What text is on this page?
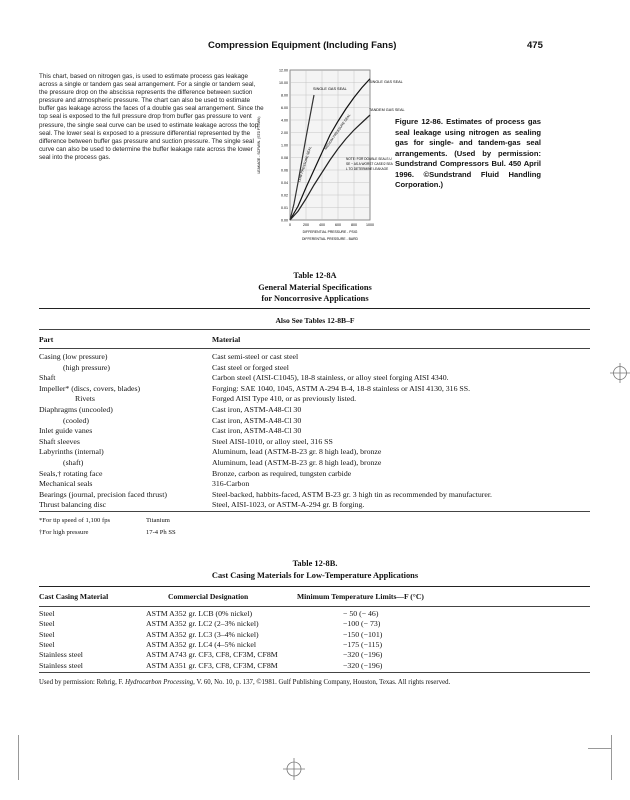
Compression Equipment (Including Fans)	475
This chart, based on nitrogen gas, is used to estimate process gas leakage across a single or tandem gas seal arrangement. For a single or tandem seal, the pressure drop on the abscissa represents the difference between suction pressure and atmospheric pressure. The chart can also be used to estimate buffer gas leakage across the faces of a double gas seal arrangement. Since the top seal is exposed to the full pressure drop from buffer gas pressure to vent pressure, the single seal curve can be used to estimate leakage across the top seal. The lower seal is exposed to a pressure differential represented by the difference between buffer gas pressure and suction pressure. The single seal curve can also be used to determine the buffer leakage rate across the lower seal into the process gas.
0.00
0.01
0.02
0.04
0.06
0.08
1.00
2.00
4.00
6.00
8.00
10.00
12.00
0	200	400	600	800	1000
DIFFERENTIAL PRESSURE - PSIG
DIFFERENTIAL PRESSURE - BARD
LEAKAGE - SCFM/IN. (STD FT³/MIN)
SINGLE GAS SEAL
SINGLE GAS SEAL
TANDEM GAS SEAL
LOW PRESSURE SEAL
MEDIUM PRESSURE SEAL
NOTE: FOR DOUBLE SEALS U
SE ~ AS A WORST CASE/2 SEA
L TO DETERMINE LEAKAGE
Figure 12-86. Estimates of process gas seal leakage using nitrogen as sealing gas for single- and tandem-gas seal arrangements. (Used by permission: Sundstrand Compressors Bul. 450 April 1996. ©Sundstrand Fluid Handling Corporation.)
Table 12-8A
General Material Specifications
for Noncorrosive Applications
Also See Tables 12-8B–F
Part	Material
Casing (low pressure)	Cast semi-steel or cast steel
(high pressure)	Cast steel or forged steel
Shaft	Carbon steel (AISI-C1045), 18-8 stainless, or alloy steel forging AISI 4340.
Impeller* (discs, covers, blades)	Forging: SAE 1040, 1045, ASTM A-294 B-4, 18-8 stainless or AISI 4130, 316 SS.
Rivets	Forged AISI Type 410, or as previously listed.
Diaphragms (uncooled)	Cast iron, ASTM-A48-Cl 30
(cooled)	Cast iron, ASTM-A48-Cl 30
Inlet guide vanes	Cast iron, ASTM-A48-Cl 30
Shaft sleeves	Steel AISI-1010, or alloy steel, 316 SS
Labyrinths (internal)	Aluminum, lead (ASTM-B-23 gr. 8 high lead), bronze
(shaft)	Aluminum, lead (ASTM-B-23 gr. 8 high lead), bronze
Seals,† rotating face	Bronze, carbon as required, tungsten carbide
Mechanical seals	316-Carbon
Bearings (journal, precision faced thrust)	Steel-backed, habbits-faced, ASTM B-23 gr. 3 high tin as recommended by manufacturer.
Thrust balancing disc	Steel, AISI-1023, or ASTM-A-294 gr. B forging.
*For tip speed of 1,100 fps	Titanium
†For high pressure	17-4 Ph SS
Table 12-8B.
Cast Casing Materials for Low-Temperature Applications
Cast Casing Material	Commercial Designation	Minimum Temperature Limits—F (°C)
Steel	ASTM A352 gr. LCB (0% nickel)	− 50 (− 46)
Steel	ASTM A352 gr. LC2 (2–3% nickel)	−100 (− 73)
Steel	ASTM A352 gr. LC3 (3–4% nickel)	−150 (−101)
Steel	ASTM A352 gr. LC4 (4–5% nickel	−175 (−115)
Stainless steel	ASTM A743 gr. CF3, CF8, CF3M, CF8M	−320 (−196)
Stainless steel	ASTM A351 gr. CF3, CF8, CF3M, CF8M	−320 (−196)
Used by permission: Rehrig, F. Hydrocarbon Processing, V. 60, No. 10, p. 137, ©1981. Gulf Publishing Company, Houston, Texas. All rights reserved.
